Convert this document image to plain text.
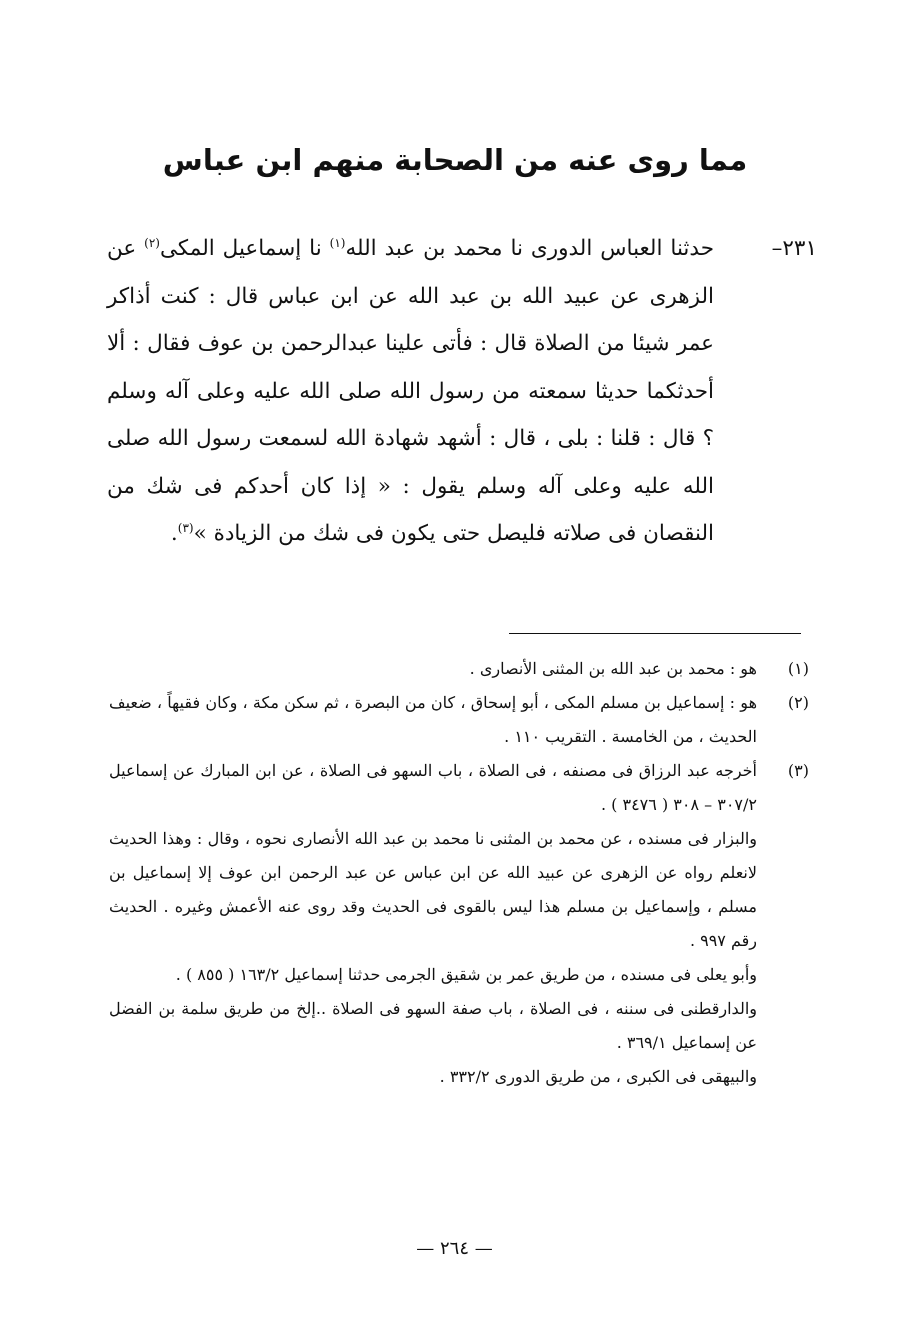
مما روى عنه من الصحابة منهم ابن عباس
٢٣١–
حدثنا العباس الدورى نا محمد بن عبد الله$^{(١)}$ نا إسماعيل المكى$^{(٢)}$ عن الزهرى عن عبيد الله بن عبد الله عن ابن عباس قال : كنت أذاكر عمر شيئا من الصلاة قال : فأتى علينا عبدالرحمن بن عوف فقال : ألا أحدثكما حديثا سمعته من رسول الله صلى الله عليه وعلى آله وسلم ؟ قال : قلنا : بلى ، قال : أشهد شهادة الله لسمعت رسول الله صلى الله عليه وعلى آله وسلم يقول : « إذا كان أحدكم فى شك من النقصان فى صلاته فليصل حتى يكون فى شك من الزيادة »$^{(٣)}$.
(١)

هو : محمد بن عبد الله بن المثنى الأنصارى .

(٢)

هو : إسماعيل بن مسلم المكى ، أبو إسحاق ، كان من البصرة ، ثم سكن مكة ، وكان فقيهاً ، ضعيف الحديث ، من الخامسة . التقريب ١١٠ .

(٣)

أخرجه عبد الرزاق فى مصنفه ، فى الصلاة ، باب السهو فى الصلاة ، عن ابن المبارك عن إسماعيل ٣٠٧/٢ – ٣٠٨ ( ٣٤٧٦ ) .

والبزار فى مسنده ، عن محمد بن المثنى نا محمد بن عبد الله الأنصارى نحوه ، وقال : وهذا الحديث لانعلم رواه عن الزهرى عن عبيد الله عن ابن عباس عن عبد الرحمن ابن عوف إلا إسماعيل بن مسلم ، وإسماعيل بن مسلم هذا ليس بالقوى فى الحديث وقد روى عنه الأعمش وغيره . الحديث رقم ٩٩٧ .

وأبو يعلى فى مسنده ، من طريق عمر بن شقيق الجرمى حدثنا إسماعيل ١٦٣/٢ ( ٨٥٥ ) .

والدارقطنى فى سننه ، فى الصلاة ، باب صفة السهو فى الصلاة ..إلخ من طريق سلمة بن الفضل عن إسماعيل ٣٦٩/١ .

والبيهقى فى الكبرى ، من طريق الدورى ٣٣٢/٢ .

— ٢٦٤ —
